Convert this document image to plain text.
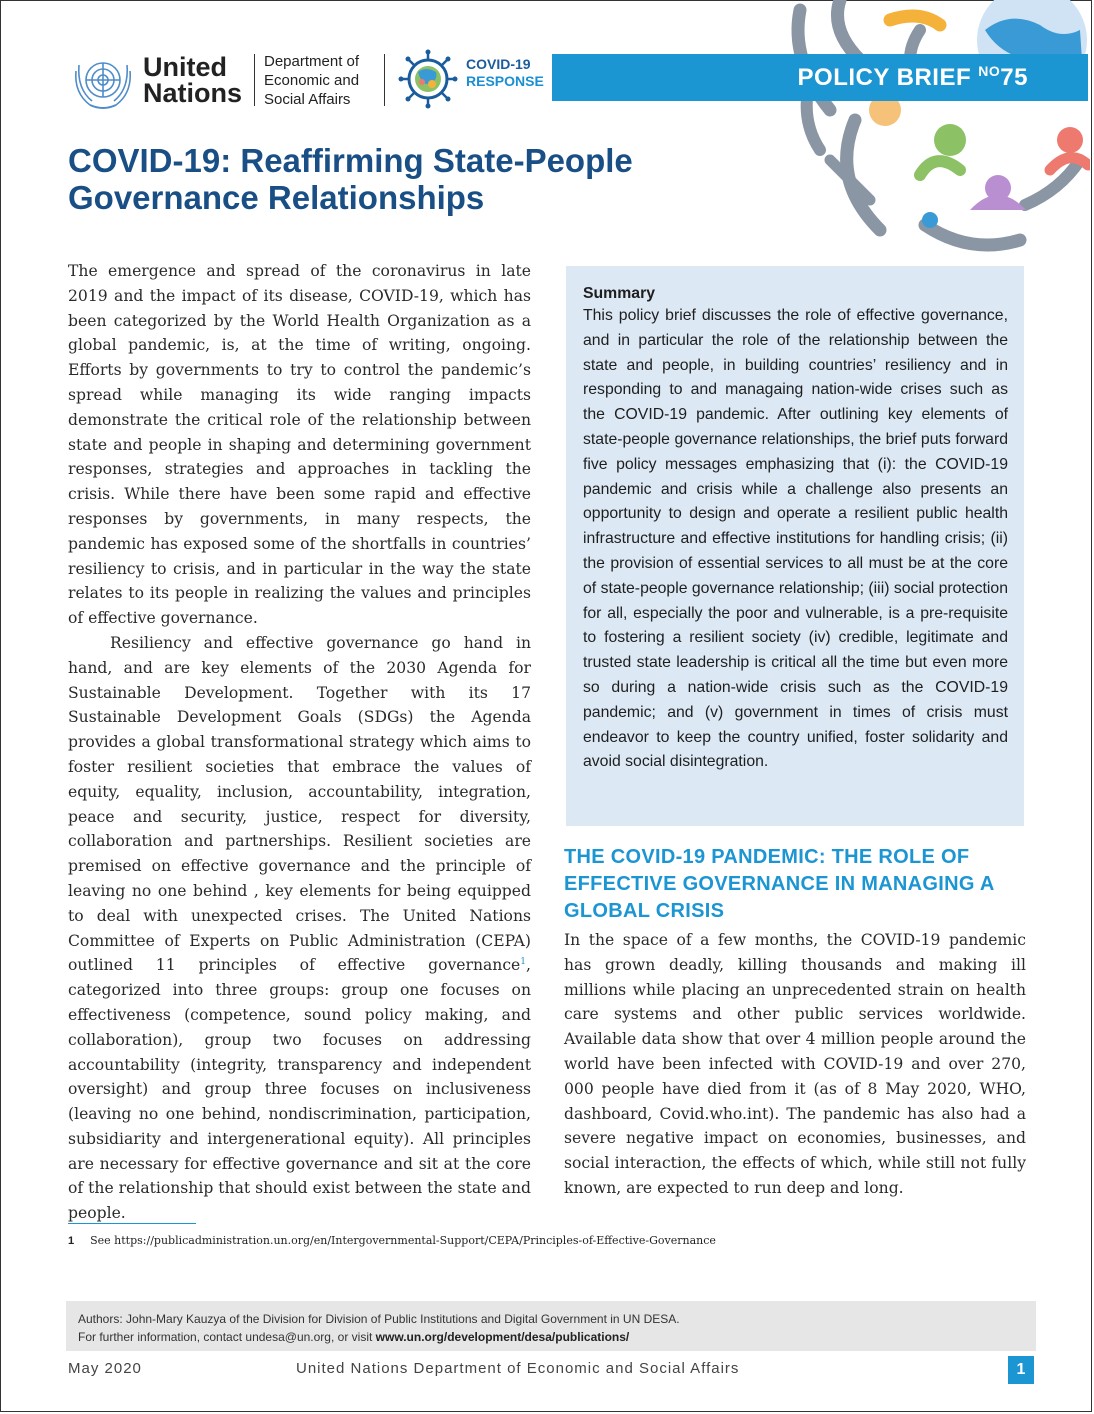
United
Nations
Department of
Economic and
Social Affairs
COVID-19
RESPONSE	POLICY BRIEF $^{NO}$75
COVID-19: Reaffirming State-People Governance Relationships

The emergence and spread of the coronavirus in late 2019 and the impact of its disease, COVID-19, which has been categorized by the World Health Organization as a global pandemic, is, at the time of writing, ongoing. Efforts by governments to try to control the pandemic’s spread while managing its wide ranging impacts demonstrate the critical role of the relationship between state and people in shaping and determining government responses, strategies and approaches in tackling the crisis. While there have been some rapid and effective responses by governments, in many respects, the pandemic has exposed some of the shortfalls in countries’ resiliency to crisis, and in particular in the way the state relates to its people in realizing the values and principles of effective governance.

Resiliency and effective governance go hand in hand, and are key elements of the 2030 Agenda for Sustainable Development. Together with its 17 Sustainable Development Goals (SDGs) the Agenda provides a global transformational strategy which aims to foster resilient societies that embrace the values of equity, equality, inclusion, accountability, integration, peace and security, justice, respect for diversity, collaboration and partnerships. Resilient societies are premised on effective governance and the principle of leaving no one behind , key elements for being equipped to deal with unexpected crises. The United Nations Committee of Experts on Public Administration (CEPA) outlined 11 principles of effective governance$^1$, categorized into three groups: group one focuses on effectiveness (competence, sound policy making, and collaboration), group two focuses on addressing accountability (integrity, transparency and independent oversight) and group three focuses on inclusiveness (leaving no one behind, nondiscrimination, participation, subsidiarity and intergenerational equity). All principles are necessary for effective governance and sit at the core of the relationship that should exist between the state and people.

Summary
This policy brief discusses the role of effective governance, and in particular the role of the relationship between the state and people, in building countries’ resiliency and in responding to and managaing nation-wide crises such as the COVID-19 pandemic. After outlining key elements of state-people governance relationships, the brief puts forward five policy messages emphasizing that (i): the COVID-19 pandemic and crisis while a challenge also presents an opportunity to design and operate a resilient public health infrastructure and effective institutions for handling crisis; (ii) the provision of essential services to all must be at the core of state-people governance relationship; (iii) social protection for all, especially the poor and vulnerable, is a pre-requisite to fostering a resilient society (iv) credible, legitimate and trusted state leadership is critical all the time but even more so during a nation-wide crisis such as the COVID-19 pandemic; and (v) government in times of crisis must endeavor to keep the country unified, foster solidarity and avoid social disintegration.
THE COVID-19 PANDEMIC: THE ROLE OF EFFECTIVE GOVERNANCE IN MANAGING A GLOBAL CRISIS

In the space of a few months, the COVID-19 pandemic has grown deadly, killing thousands and making ill millions while placing an unprecedented strain on health care systems and other public services worldwide. Available data show that over 4 million people around the world have been infected with COVID-19 and over 270, 000 people have died from it (as of 8 May 2020, WHO, dashboard, Covid.who.int). The pandemic has also had a severe negative impact on economies, businesses, and social interaction, the effects of which, while still not fully known, are expected to run deep and long.

1 See https://publicadministration.un.org/en/Intergovernmental-Support/CEPA/Principles-of-Effective-Governance
Authors: John-Mary Kauzya of the Division for Division of Public Institutions and Digital Government in UN DESA.
For further information, contact undesa@un.org, or visit www.un.org/development/desa/publications/
May 2020	United Nations Department of Economic and Social Affairs	1
